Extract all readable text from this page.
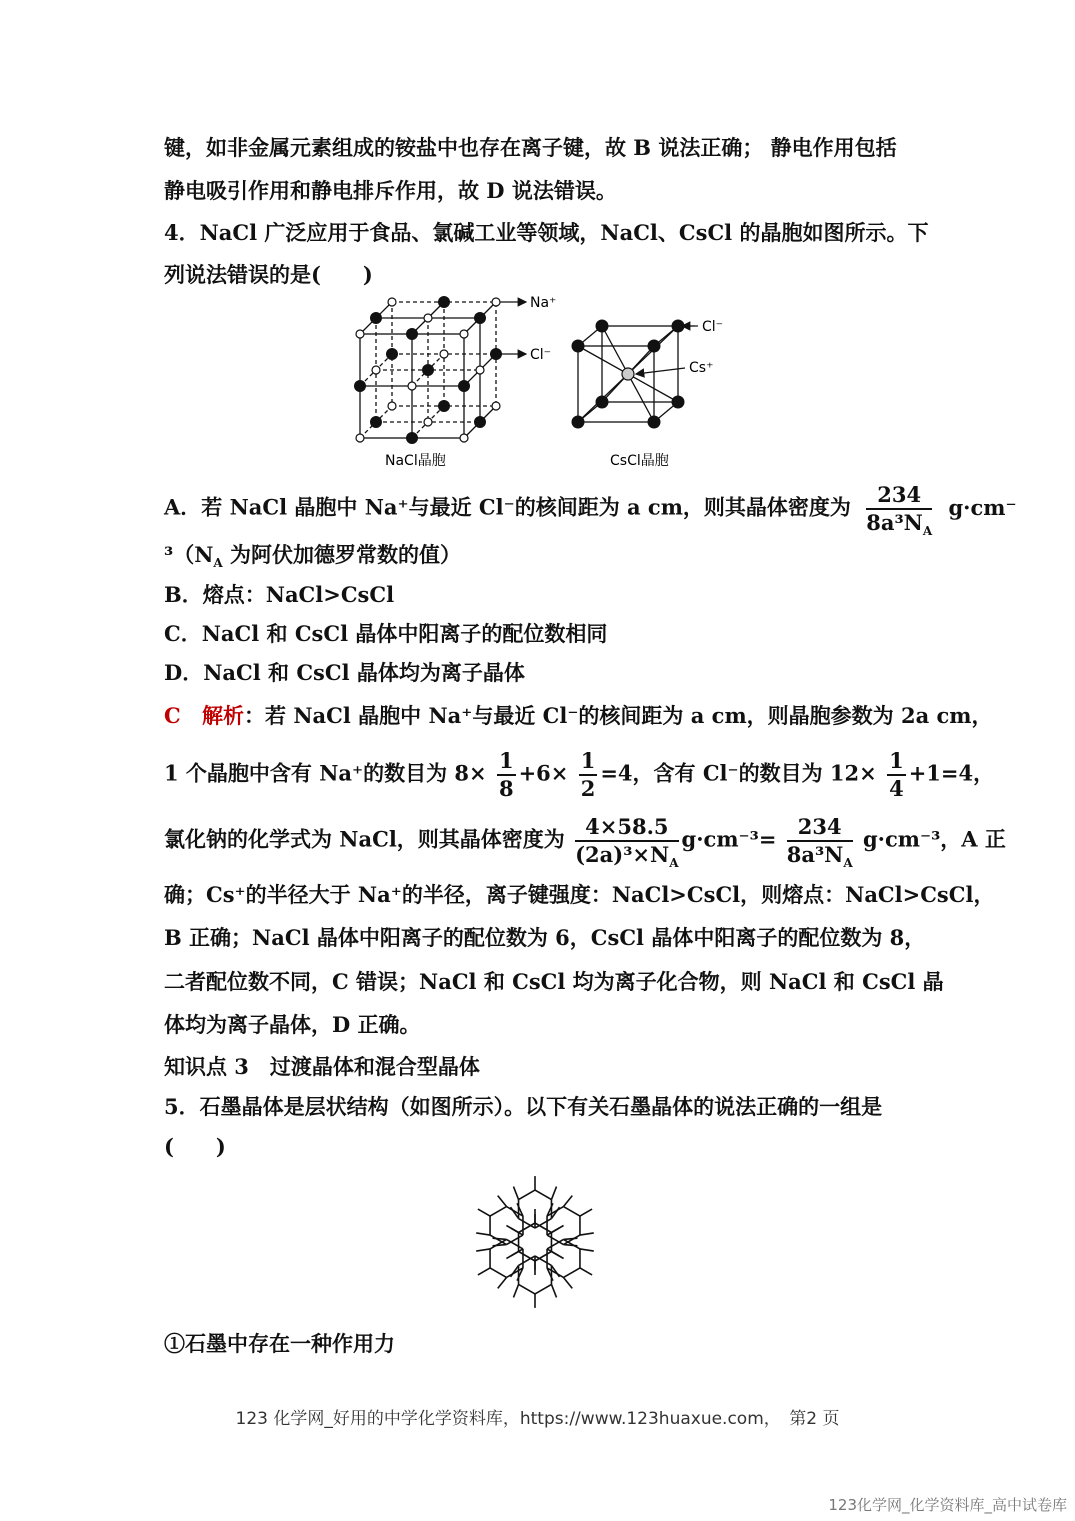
键，如非金属元素组成的铵盐中也存在离子键，故 B 说法正确； 静电作用包括
静电吸引作用和静电排斥作用，故 D 说法错误。
4．NaCl 广泛应用于食品、氯碱工业等领域，NaCl、CsCl 的晶胞如图所示。下
列说法错误的是(　　)
Na⁺
Cl⁻
NaCl晶胞
Cl⁻
Cs⁺
CsCl晶胞
A．若 NaCl 晶胞中 Na⁺与最近 Cl⁻的核间距为 a cm，则其晶体密度为 $\frac{234}{8a^3N_A} g\cdot cm^-$
$^3(N_A$ 为阿伏加德罗常数的值）
B．熔点：NaCl>CsCl
C．NaCl 和 CsCl 晶体中阳离子的配位数相同
D．NaCl 和 CsCl 晶体均为离子晶体
C 解析：若 NaCl 晶胞中 Na⁺与最近 Cl⁻的核间距为 a cm，则晶胞参数为 2a cm，
1 个晶胞中含有 Na⁺的数目为 $8\times \frac{1}{8} +6\times \frac{1}{2} =4$，含有 Cl⁻的数目为 $12\times \frac{1}{4} +1=4$，
氯化钠的化学式为 NaCl，则其晶体密度为 $\frac{4\times 58.5}{(2a)^3\times N_A} g\cdot cm^{-3}= \frac{234}{8a^3N_A} g\cdot cm^{-3}$，A 正
确；Cs⁺的半径大于 Na⁺的半径，离子键强度：NaCl>CsCl，则熔点：NaCl>CsCl，
B 正确；NaCl 晶体中阳离子的配位数为 6，CsCl 晶体中阳离子的配位数为 8，
二者配位数不同，C 错误；NaCl 和 CsCl 均为离子化合物，则 NaCl 和 CsCl 晶
体均为离子晶体，D 正确。
知识点 3　过渡晶体和混合型晶体
5．石墨晶体是层状结构（如图所示）。以下有关石墨晶体的说法正确的一组是
(　　)
①石墨中存在一种作用力
123 化学网_好用的中学化学资料库，https://www.123huaxue.com，　第2 页
123化学网_化学资料库_高中试卷库
